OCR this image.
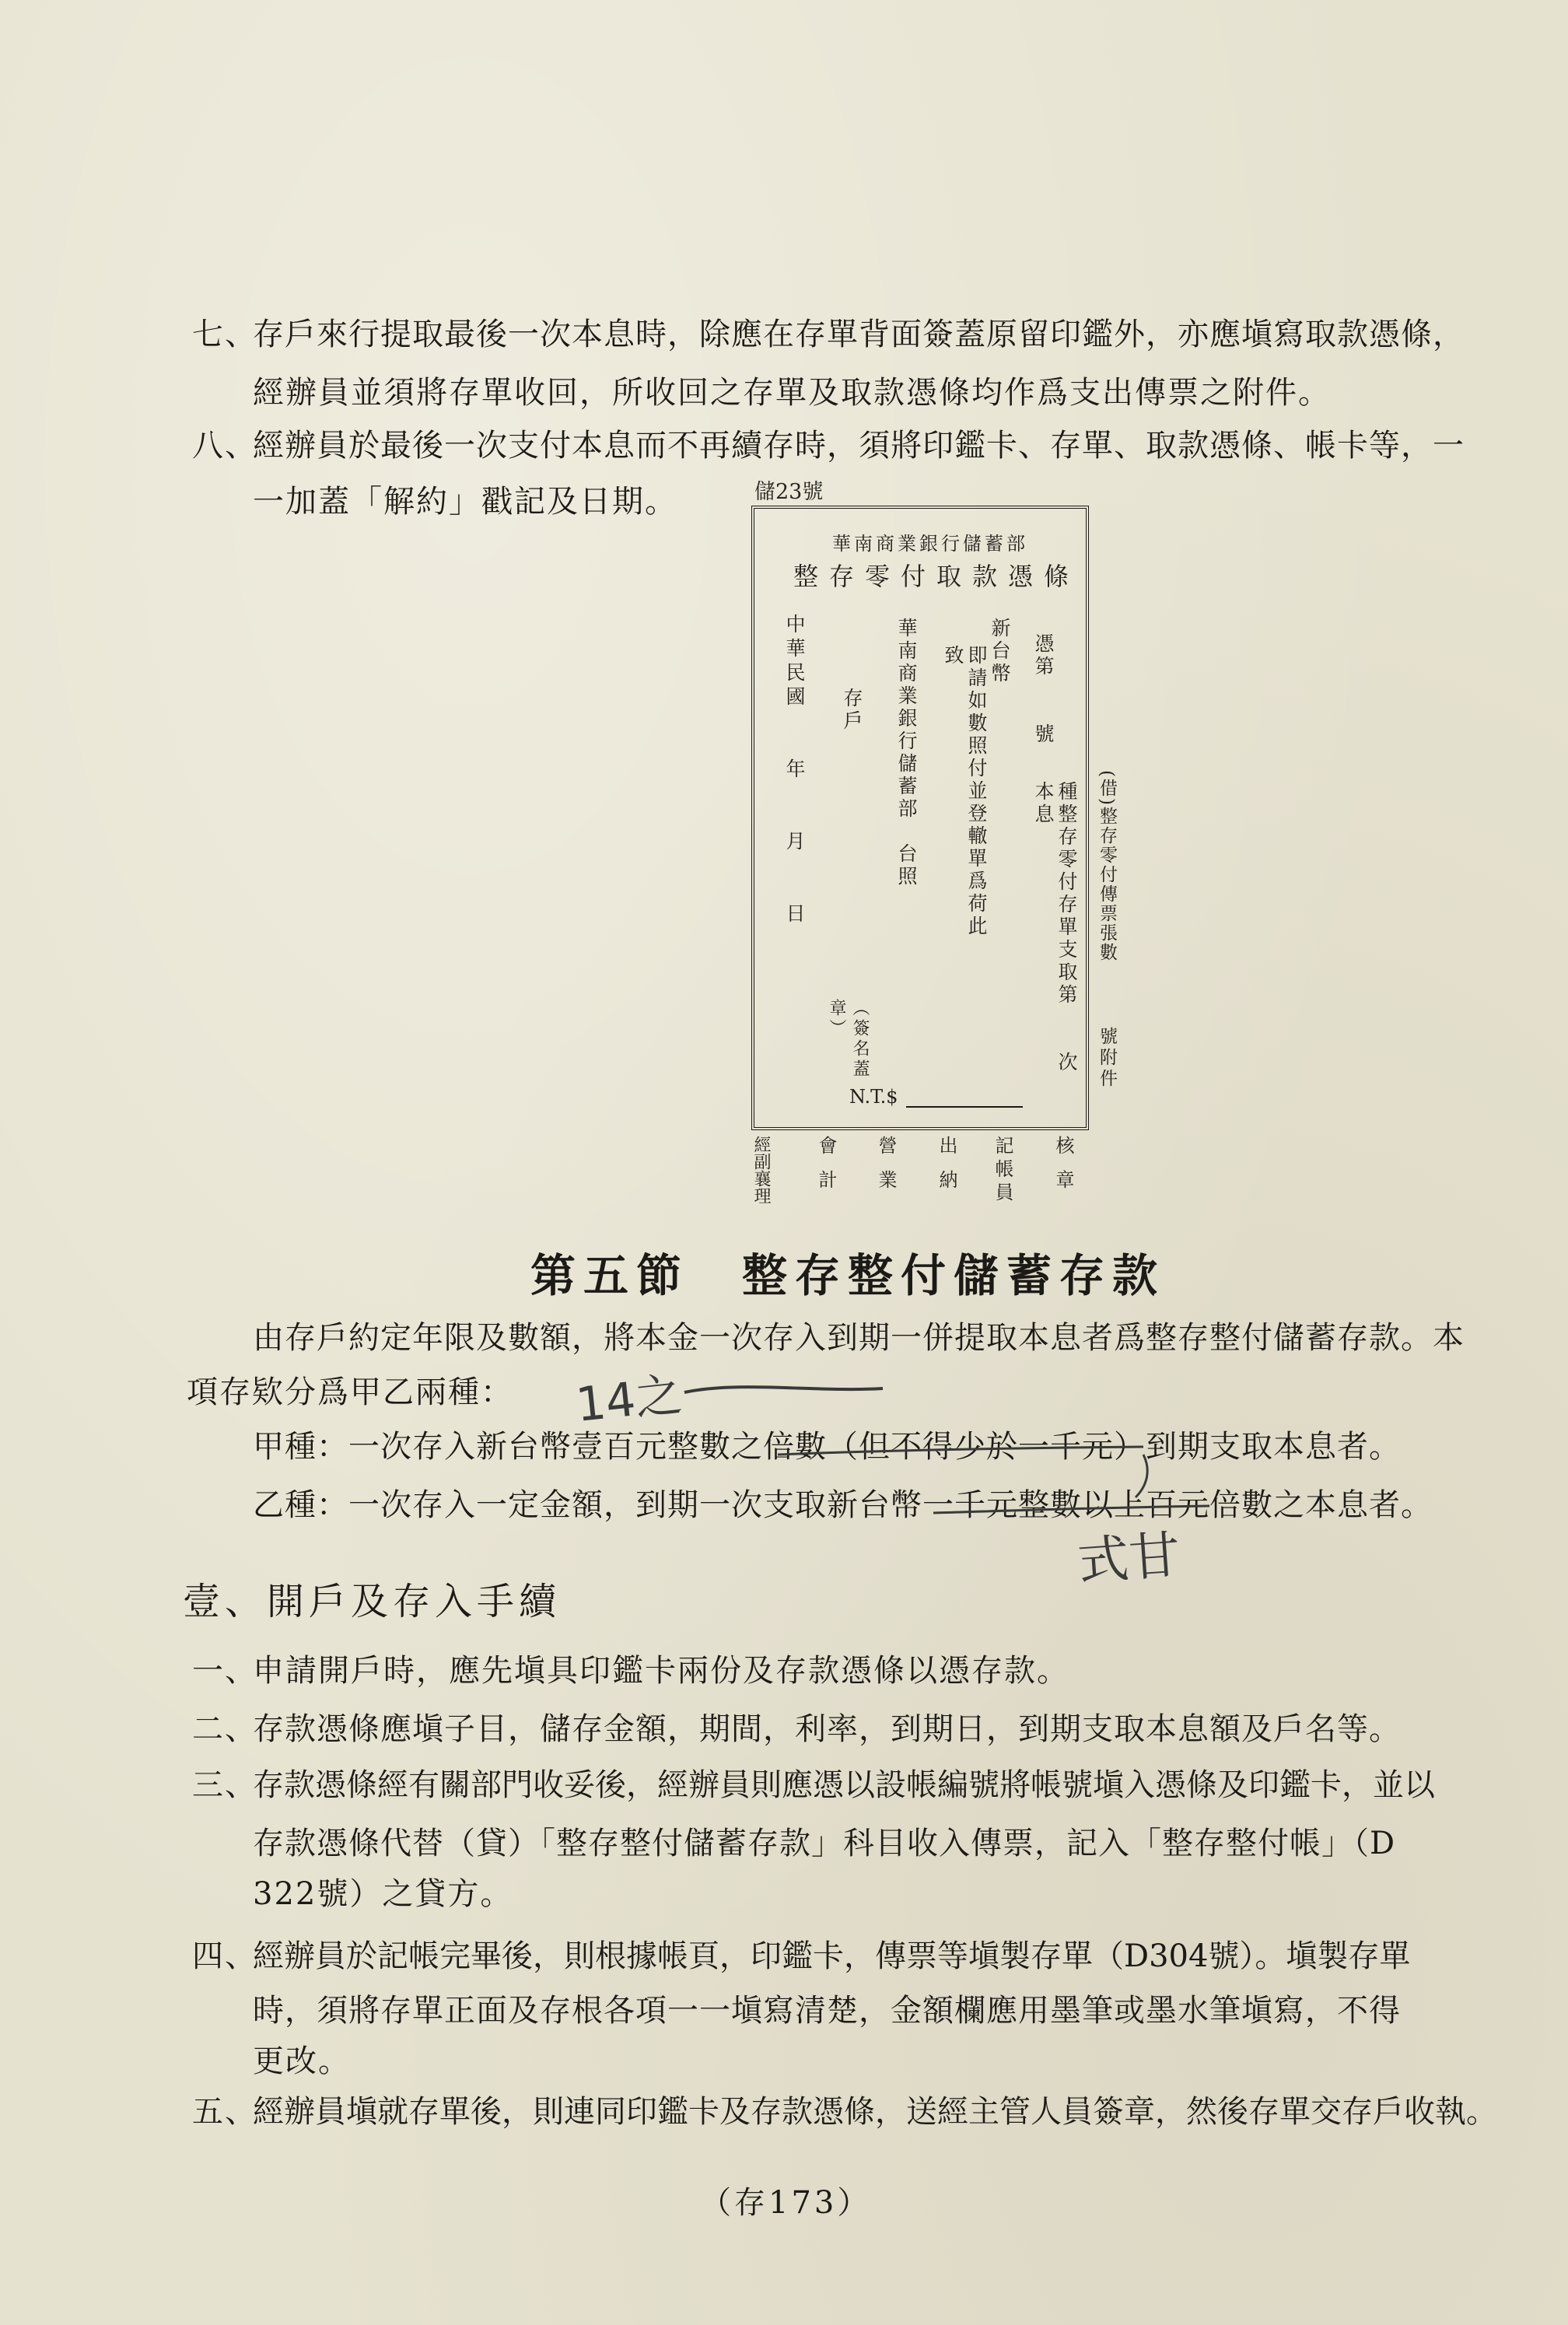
七、
存戶來行提取最後一次本息時，除應在存單背面簽蓋原留印鑑外，亦應塡寫取款憑條，
經辦員並須將存單收回，所收回之存單及取款憑條均作爲支出傳票之附件。
八、
經辦員於最後一次支付本息而不再續存時，須將印鑑卡、存單、取款憑條、帳卡等，一
一加蓋「解約」戳記及日期。	儲23號
華南商業銀行儲蓄部
整存零付取款憑條
憑第　　號
種整存零付存單支取第　　次本息
新台幣
即請如數照付並登轍單爲荷此致
華南商業銀行儲蓄部　台照
存戶
（簽名蓋章）
中華民國　　年　　月　　日
N.T.$
(借)整存零付傳票張數
號附件
核章
記帳員
出納
營業
會計
經副襄理
第五節　整存整付儲蓄存款
由存戶約定年限及數額，將本金一次存入到期一併提取本息者爲整存整付儲蓄存款。本
項存欵分爲甲乙兩種：
甲種：一次存入新台幣壹百元整數之倍數（但不得少於一千元）到期支取本息者。
乙種：一次存入一定金額，到期一次支取新台幣一千元整數以上百元倍數之本息者。
14之
式甘
壹、開戶及存入手續
一、
申請開戶時，應先塡具印鑑卡兩份及存款憑條以憑存款。
二、
存款憑條應塡子目，儲存金額，期間，利率，到期日，到期支取本息額及戶名等。
三、
存款憑條經有關部門收妥後，經辦員則應憑以設帳編號將帳號塡入憑條及印鑑卡，並以
存款憑條代替（貸）「整存整付儲蓄存款」科目收入傳票，記入「整存整付帳」（D
322號）之貸方。
四、
經辦員於記帳完畢後，則根據帳頁，印鑑卡，傳票等塡製存單（D304號）。塡製存單
時，須將存單正面及存根各項一一塡寫清楚，金額欄應用墨筆或墨水筆塡寫，不得
更改。
五、
經辦員塡就存單後，則連同印鑑卡及存款憑條，送經主管人員簽章，然後存單交存戶收執。
（存173）
